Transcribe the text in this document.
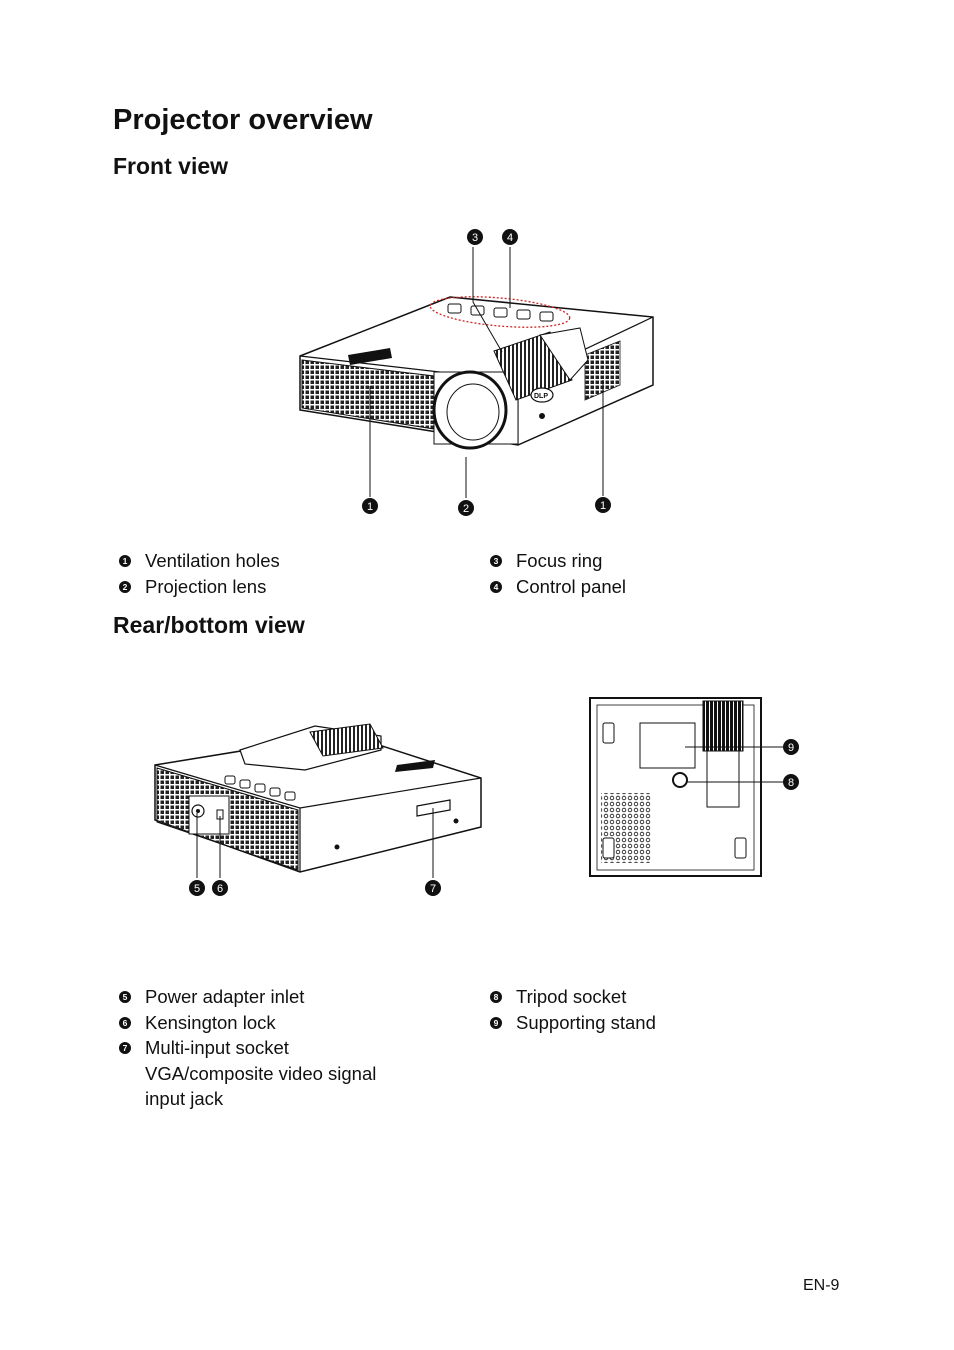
Projector overview
Front view
DLP
3	4
1	2	1
1 Ventilation holes
2 Projection lens
3 Focus ring
4 Control panel
Rear/bottom view
5 6	7
9
8
5 Power adapter inlet
6 Kensington lock
7 Multi-input socket
VGA/composite video signal
input jack
8 Tripod socket
9 Supporting stand
EN-9
